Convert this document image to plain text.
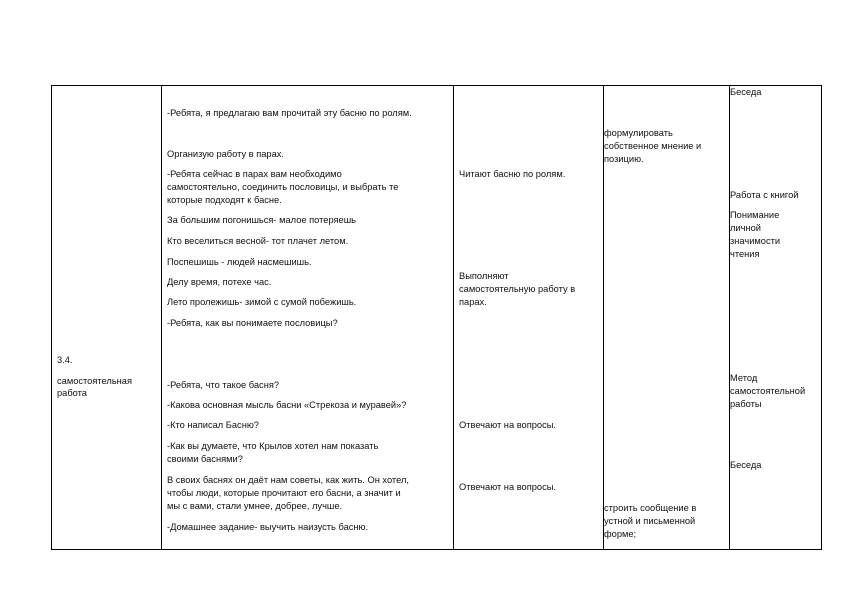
3.4.
самостоятельная
работа
-Ребята, я предлагаю вам прочитай эту басню по ролям.
Организую работу в парах.
-Ребята сейчас в парах вам необходимо
самостоятельно, соединить пословицы, и выбрать те
которые подходят к басне.
За большим погонишься- малое потеряешь
Кто веселиться весной- тот плачет летом.
Поспешишь - людей насмешишь.
Делу время, потехе час.
Лето пролежишь- зимой с сумой побежишь.
-Ребята, как вы понимаете пословицы?
-Ребята, что такое басня?
-Какова основная мысль басни «Стрекоза и муравей»?
-Кто написал Басню?
-Как вы думаете, что Крылов хотел нам показать
своими баснями?
В своих баснях он даёт нам советы, как жить. Он хотел,
чтобы люди, которые прочитают его басни, а значит и
мы с вами, стали умнее, добрее, лучше.
-Домашнее задание- выучить наизусть басню.
Читают басню по ролям.
Выполняют
самостоятельную работу в
парах.
Отвечают на вопросы.
Отвечают на вопросы.
формулировать
собственное мнение и
позицию.
строить сообщение в
устной и письменной
форме;
Беседа
Работа с книгой
Понимание
личной
значимости
чтения
Метод
самостоятельной
работы
Беседа
